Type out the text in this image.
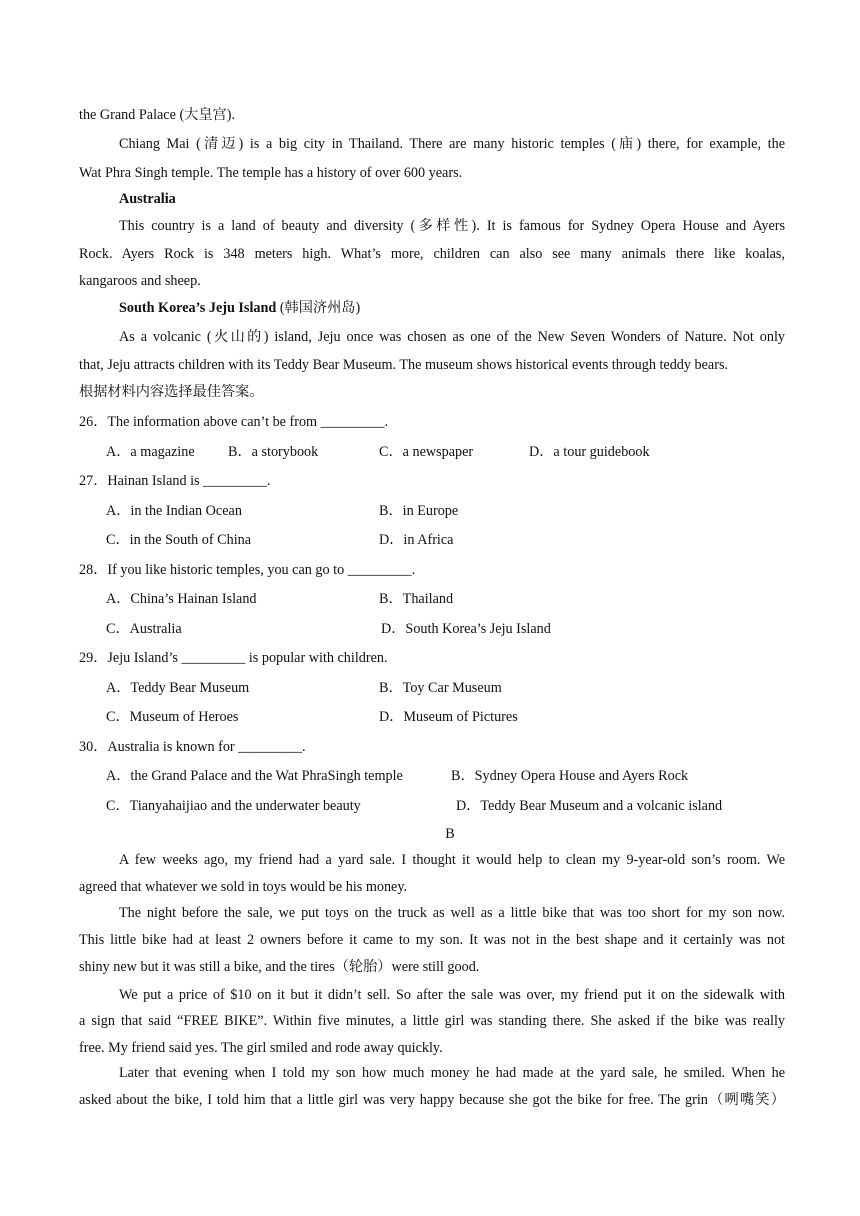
the Grand Palace (大皇宫).
Chiang Mai (清迈) is a big city in Thailand. There are many historic temples (庙) there, for example, the
Wat Phra Singh temple. The temple has a history of over 600 years.
Australia
This country is a land of beauty and diversity (多样性). It is famous for Sydney Opera House and Ayers
Rock. Ayers Rock is 348 meters high. What’s more, children can also see many animals there like koalas,
kangaroos and sheep.
South Korea’s Jeju Island (韩国济州岛)
As a volcanic (火山的) island, Jeju once was chosen as one of the New Seven Wonders of Nature. Not only
that, Jeju attracts children with its Teddy Bear Museum. The museum shows historical events through teddy bears.
根据材料内容选择最佳答案。
26．The information above can’t be from _________.
A．a magazine B．a storybook	C．a newspaper	D．a tour guidebook
27．Hainan Island is _________.
A．in the Indian Ocean	B．in Europe
C．in the South of China	D．in Africa
28．If you like historic temples, you can go to _________.
A．China’s Hainan Island	B．Thailand
C．Australia	D．South Korea’s Jeju Island
29．Jeju Island’s _________ is popular with children.
A．Teddy Bear Museum	B．Toy Car Museum
C．Museum of Heroes	D．Museum of Pictures
30．Australia is known for _________.
A．the Grand Palace and the Wat PhraSingh temple	B．Sydney Opera House and Ayers Rock
C．Tianyahaijiao and the underwater beauty	D．Teddy Bear Museum and a volcanic island
B
A few weeks ago, my friend had a yard sale. I thought it would help to clean my 9-year-old son’s room. We
agreed that whatever we sold in toys would be his money.
The night before the sale, we put toys on the truck as well as a little bike that was too short for my son now.
This little bike had at least 2 owners before it came to my son. It was not in the best shape and it certainly was not
shiny new but it was still a bike, and the tires（轮胎）were still good.
We put a price of $10 on it but it didn’t sell. So after the sale was over, my friend put it on the sidewalk with
a sign that said “FREE BIKE”. Within five minutes, a little girl was standing there. She asked if the bike was really
free. My friend said yes. The girl smiled and rode away quickly.
Later that evening when I told my son how much money he had made at the yard sale, he smiled. When he
asked about the bike, I told him that a little girl was very happy because she got the bike for free. The grin（咧嘴笑）
